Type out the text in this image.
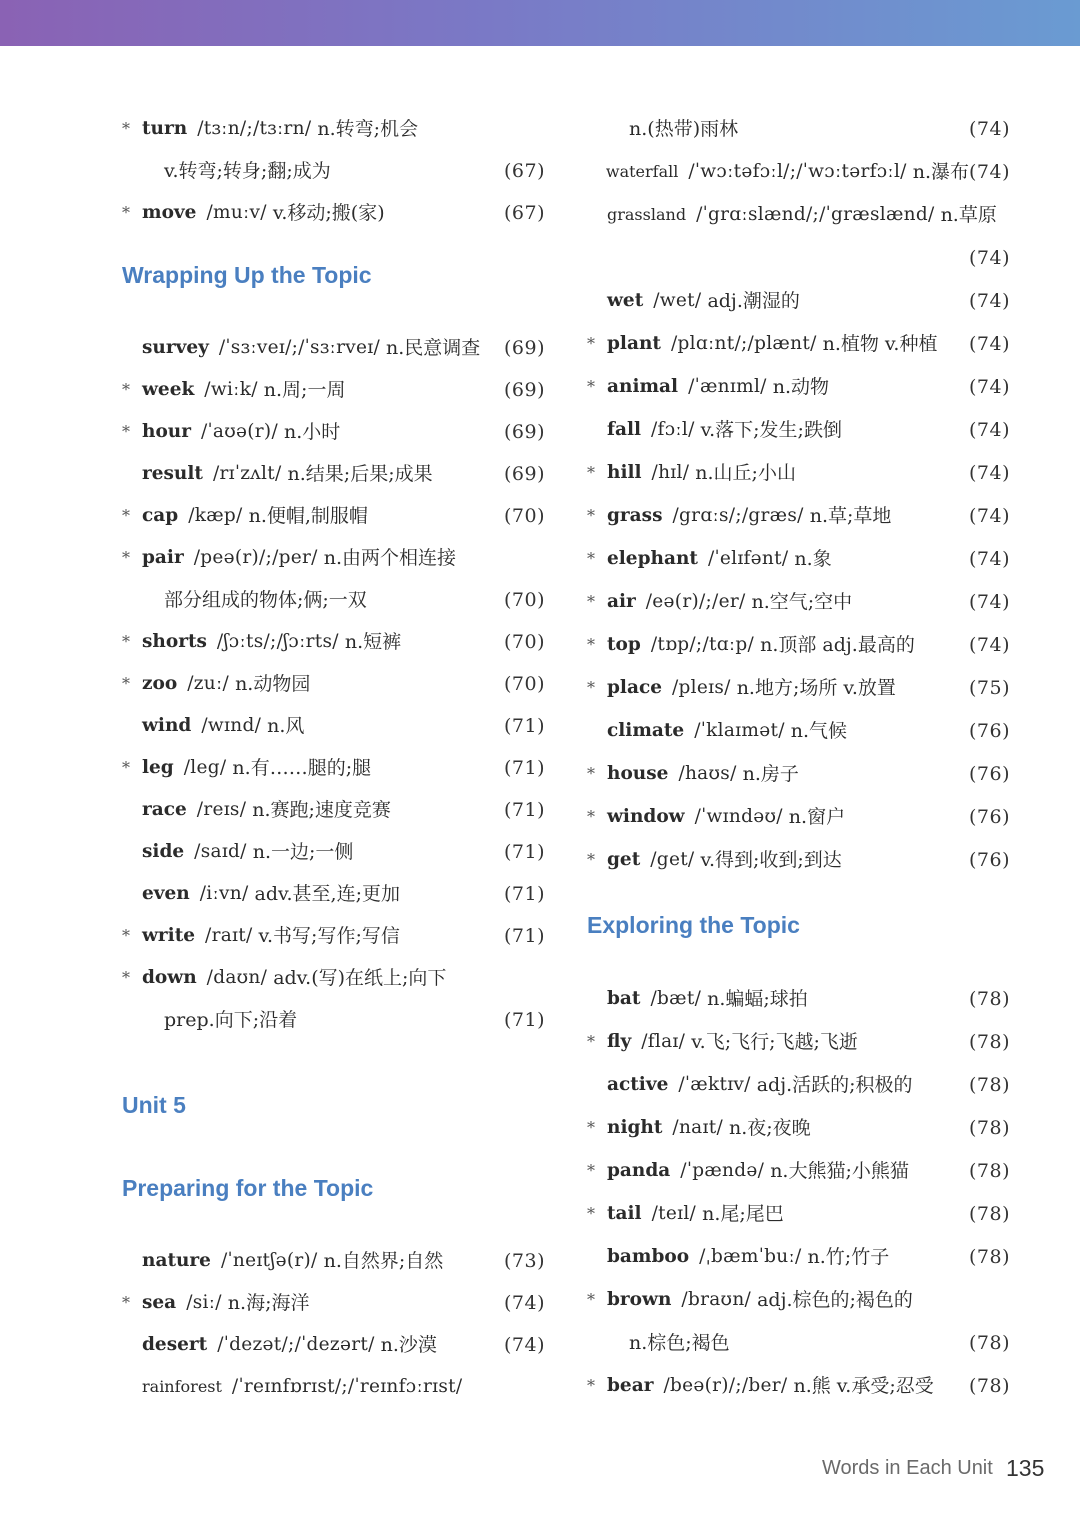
* turn /tɜːn/;/tɜːrn/ n.转弯;机会
v.转弯;转身;翻;成为	(67)
* move /muːv/ v.移动;搬(家)	(67)
Wrapping Up the Topic
survey /ˈsɜːveɪ/;/ˈsɜːrveɪ/ n.民意调查 (69)
* week /wiːk/ n.周;一周	(69)
* hour /ˈaʊə(r)/ n.小时	(69)
result /rɪˈzʌlt/ n.结果;后果;成果	(69)
* cap /kæp/ n.便帽,制服帽	(70)
* pair /peə(r)/;/per/ n.由两个相连接
部分组成的物体;俩;一双	(70)
* shorts /ʃɔːts/;/ʃɔːrts/ n.短裤	(70)
* zoo /zuː/ n.动物园	(70)
wind /wɪnd/ n.风	(71)
* leg /leg/ n.有……腿的;腿	(71)
race /reɪs/ n.赛跑;速度竞赛	(71)
side /saɪd/ n.一边;一侧	(71)
even /iːvn/ adv.甚至,连;更加	(71)
* write /raɪt/ v.书写;写作;写信	(71)
* down /daʊn/ adv.(写)在纸上;向下
prep.向下;沿着	(71)
Unit 5
Preparing for the Topic
nature /ˈneɪtʃə(r)/ n.自然界;自然	(73)
* sea /siː/ n.海;海洋	(74)
desert /ˈdezət/;/ˈdezərt/ n.沙漠	(74)
rainforest /ˈreɪnfɒrɪst/;/ˈreɪnfɔːrɪst/
n.(热带)雨林	(74)
waterfall /ˈwɔːtəfɔːl/;/ˈwɔːtərfɔːl/ n.瀑布 (74)
grassland /ˈgrɑːslænd/;/ˈgræslænd/ n.草原
(74)
wet /wet/ adj.潮湿的	(74)
* plant /plɑːnt/;/plænt/ n.植物 v.种植 (74)
* animal /ˈænɪml/ n.动物	(74)
fall /fɔːl/ v.落下;发生;跌倒	(74)
* hill /hɪl/ n.山丘;小山	(74)
* grass /grɑːs/;/græs/ n.草;草地	(74)
* elephant /ˈelɪfənt/ n.象	(74)
* air /eə(r)/;/er/ n.空气;空中	(74)
* top /tɒp/;/tɑːp/ n.顶部 adj.最高的	(74)
* place /pleɪs/ n.地方;场所 v.放置	(75)
climate /ˈklaɪmət/ n.气候	(76)
* house /haʊs/ n.房子	(76)
* window /ˈwɪndəʊ/ n.窗户	(76)
* get /get/ v.得到;收到;到达	(76)
Exploring the Topic
bat /bæt/ n.蝙蝠;球拍	(78)
* fly /flaɪ/ v.飞;飞行;飞越;飞逝	(78)
active /ˈæktɪv/ adj.活跃的;积极的	(78)
* night /naɪt/ n.夜;夜晚	(78)
* panda /ˈpændə/ n.大熊猫;小熊猫	(78)
* tail /teɪl/ n.尾;尾巴	(78)
bamboo /ˌbæmˈbuː/ n.竹;竹子	(78)
* brown /braʊn/ adj.棕色的;褐色的
n.棕色;褐色	(78)
* bear /beə(r)/;/ber/ n.熊 v.承受;忍受 (78)
Words in Each Unit 135
